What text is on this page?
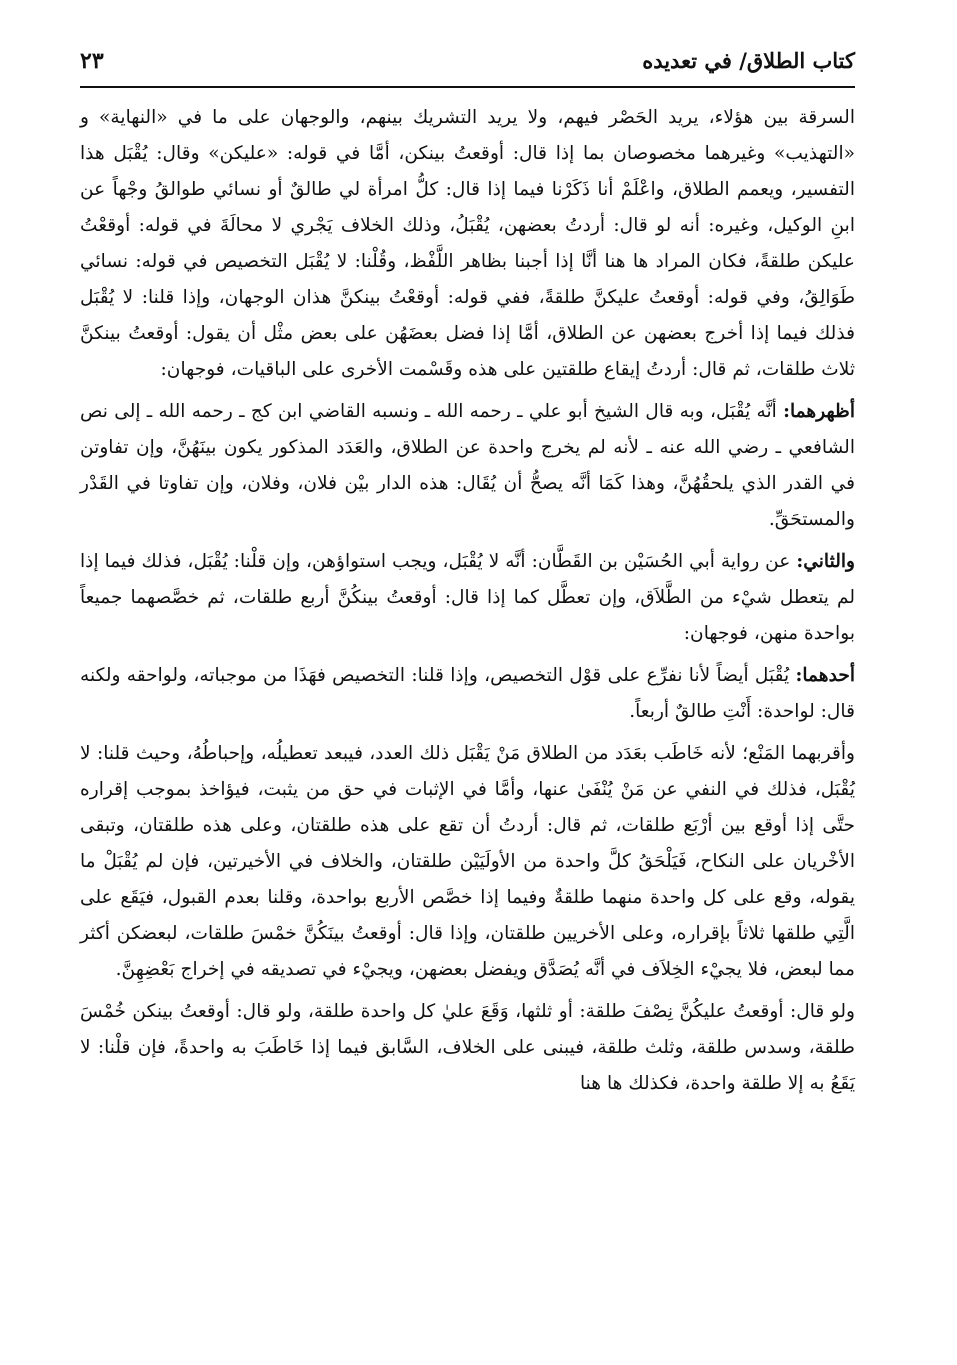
كتاب الطلاق/ في تعديده
٢٣

السرقة بين هؤلاء، يريد الحَصْر فيهم، ولا يريد التشريك بينهم، والوجهان على ما في «النهاية» و «التهذيب» وغيرهما مخصوصان بما إذا قال: أوقعتُ بينكن، أمَّا في قوله: «عليكن» وقال: يُقْبَل هذا التفسير، ويعمم الطلاق، واعْلَمْ أنا ذَكَرْنا فيما إذا قال: كلُّ امرأة لي طالقٌ أو نسائي طوالقُ وجْهاً عن ابنِ الوكيل، وغيره: أنه لو قال: أردتُ بعضهن، يُقْبَلُ، وذلك الخلاف يَجْري لا محالَةَ في قوله: أوقعْتُ عليكن طلقةً، فكان المراد ها هنا أنَّا إذا أجبنا بظاهر اللَّفْظ، وقُلْنا: لا يُقْبَل التخصيص في قوله: نسائي طَوَالِقُ، وفي قوله: أوقعتُ عليكنَّ طلقةً، ففي قوله: أوقعْتُ بينكنَّ هذان الوجهان، وإذا قلنا: لا يُقْبَل فذلك فيما إذا أخرج بعضهن عن الطلاق، أمَّا إذا فضل بعضَهُن على بعض مثْل أن يقول: أوقعتُ بينكنَّ ثلاث طلقات، ثم قال: أردتُ إيقاع طلقتين على هذه وقَسْمت الأخرى على الباقيات، فوجهان:

أظهرهما: أنَّه يُقْبَل، وبه قال الشيخ أبو علي ـ رحمه الله ـ ونسبه القاضي ابن كج ـ رحمه الله ـ إلى نص الشافعي ـ رضي الله عنه ـ لأنه لم يخرج واحدة عن الطلاق، والعَدَد المذكور يكون بينَهُنَّ، وإن تفاوتن في القدر الذي يلحقُهُنَّ، وهذا كَمَا أنَّه يصحُّ أن يُقَال: هذه الدار بيْن فلان، وفلان، وإن تفاوتا في القَدْر والمستحَقِّ.

والثاني: عن رواية أبي الحُسَيْن بن القَطَّان: أنَّه لا يُقْبَل، ويجب استواؤهن، وإن قلْنا: يُقْبَل، فذلك فيما إذا لم يتعطل شيْء من الطَّلاَق، وإن تعطَّل كما إذا قال: أوقعتُ بينكُنَّ أربع طلقات، ثم خصَّصهما جميعاً بواحدة منهن، فوجهان:

أحدهما: يُقْبَل أيضاً لأنا نفرِّع على قوْل التخصيص، وإذا قلنا: التخصيص فهَذَا من موجباته، ولواحقه ولكنه قال: لواحدة: أَنْتِ طالقٌ أربعاً.

وأقربهما المَنْع؛ لأنه خَاطَب بعَدَد من الطلاق مَنْ يَقْبَل ذلك العدد، فيبعد تعطيلُه، وإحباطُهُ، وحيث قلنا: لا يُقْبَل، فذلك في النفي عن مَنْ يُنْفَىٰ عنها، وأمَّا في الإثبات في حق من يثبت، فيؤاخذ بموجب إقراره حتَّى إذا أوقع بين أرْبَع طلقات، ثم قال: أردتُ أن تقع على هذه طلقتان، وعلى هذه طلقتان، وتبقى الأخْريان على النكاح، فَيَلْحَقُ كلَّ واحدة من الأولَيَيْن طلقتان، والخلاف في الأخيرتين، فإن لم يُقْبَلْ ما يقوله، وقع على كل واحدة منهما طلقةٌ وفيما إذا خصَّص الأربع بواحدة، وقلنا بعدم القبول، فيَقَع على الَّتِي طلقها ثلاثاً بإقراره، وعلى الأخريين طلقتان، وإذا قال: أوقعتُ بينَكُنَّ خمْسَ طلقات، لبعضكن أكثر مما لبعض، فلا يجيْء الخِلاَف في أنَّه يُصَدَّق ويفضل بعضهن، ويجيْء في تصديقه في إخراج بَعْضِهِنَّ.

ولو قال: أوقعتُ عليكُنَّ نِصْفَ طلقة: أو ثلثها، وَقَعَ عليٰ كل واحدة طلقة، ولو قال: أوقعتُ بينكن خُمْسَ طلقة، وسدس طلقة، وثلث طلقة، فيبنى على الخلاف، السَّابق فيما إذا خَاطَبَ به واحدةً، فإن قلْنا: لا يَقَعُ به إلا طلقة واحدة، فكذلك ها هنا
